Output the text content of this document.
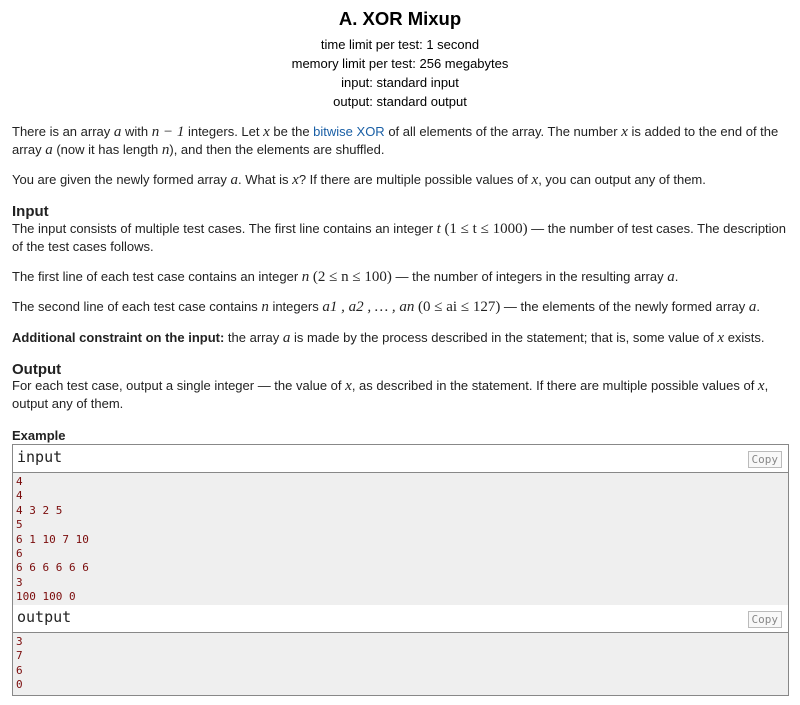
A. XOR Mixup
time limit per test: 1 second
memory limit per test: 256 megabytes
input: standard input
output: standard output
There is an array a with n − 1 integers. Let x be the bitwise XOR of all elements of the array. The number x is added to the end of the
array a (now it has length n), and then the elements are shuffled.
You are given the newly formed array a. What is x? If there are multiple possible values of x, you can output any of them.
Input
The input consists of multiple test cases. The first line contains an integer t (1 ≤ t ≤ 1000) — the number of test cases. The description
of the test cases follows.
The first line of each test case contains an integer n (2 ≤ n ≤ 100) — the number of integers in the resulting array a.
The second line of each test case contains n integers a1 , a2 , … , an (0 ≤ ai ≤ 127) — the elements of the newly formed array a.
Additional constraint on the input: the array a is made by the process described in the statement; that is, some value of x exists.
Output
For each test case, output a single integer — the value of x, as described in the statement. If there are multiple possible values of x,
output any of them.
Example
input	Copy
4
4
4 3 2 5
5
6 1 10 7 10
6
6 6 6 6 6 6
3
100 100 0
output	Copy
3
7
6
0
